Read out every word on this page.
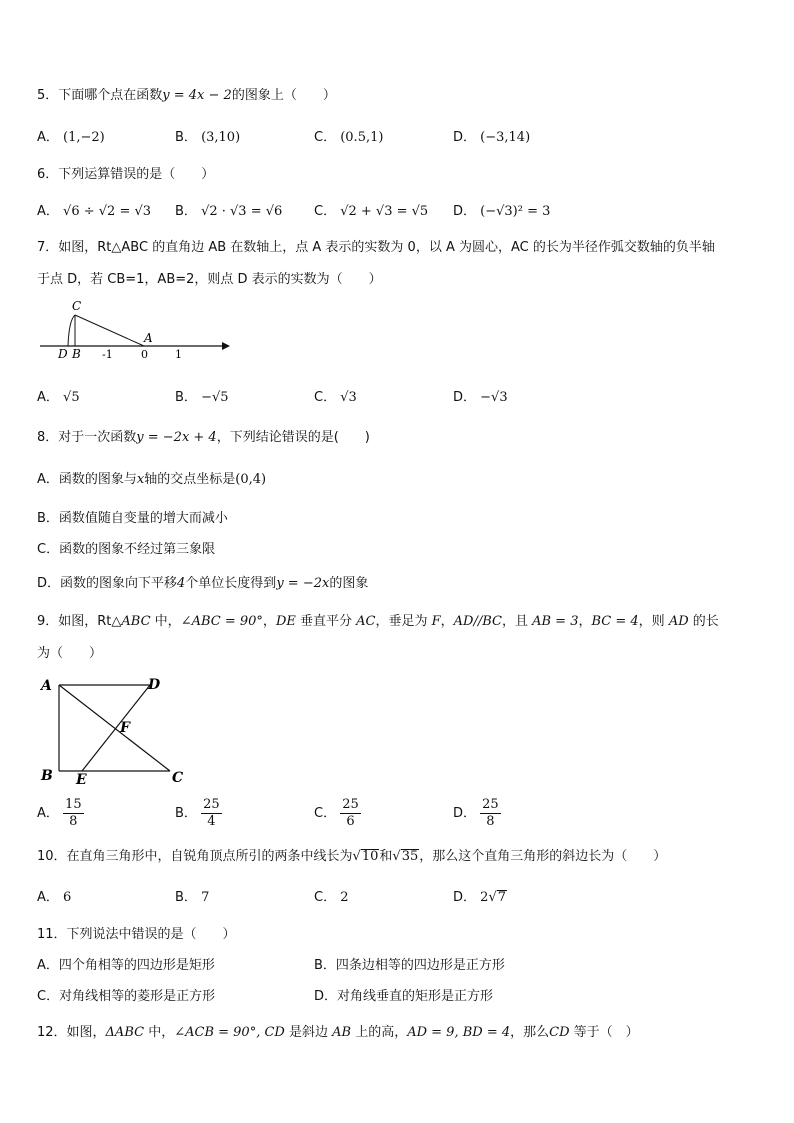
5．下面哪个点在函数y = 4x − 2的图象上（　　）
A． (1,−2)	B． (3,10)	C． (0.5,1)	D． (−3,14)
6．下列运算错误的是（　　）
A． √6 ÷ √2 = √3 B． √2 · √3 = √6 C． √2 + √3 = √5 D． (−√3)² = 3
7．如图，Rt△ABC 的直角边 AB 在数轴上，点 A 表示的实数为 0，以 A 为圆心，AC 的长为半径作弧交数轴的负半轴
于点 D，若 CB=1，AB=2，则点 D 表示的实数为（　　）
C
A
D B -1	0 1
A． √5	B． −√5	C． √3	D． −√3
8．对于一次函数y = −2x + 4，下列结论错误的是(　　)
A．函数的图象与x轴的交点坐标是(0,4)
B．函数值随自变量的增大而减小
C．函数的图象不经过第三象限
D．函数的图象向下平移4个单位长度得到y = −2x的图象
9．如图，Rt△ABC 中，∠ABC = 90°，DE 垂直平分 AC，垂足为 F，AD//BC，且 AB = 3，BC = 4，则 AD 的长
为（　　）
A	D
F
B E	C
A． $\frac{15}{8}$	B． $\frac{25}{4}$	C． $\frac{25}{6}$	D． $\frac{25}{8}$
10．在直角三角形中，自锐角顶点所引的两条中线长为√10和√35，那么这个直角三角形的斜边长为（　　）
A． 6	B． 7	C． 2	D． 2√7
11．下列说法中错误的是（　　）
A．四个角相等的四边形是矩形	B．四条边相等的四边形是正方形
C．对角线相等的菱形是正方形	D．对角线垂直的矩形是正方形
12．如图，ΔABC 中，∠ACB = 90°, CD 是斜边 AB 上的高，AD = 9, BD = 4，那么CD 等于（　）
